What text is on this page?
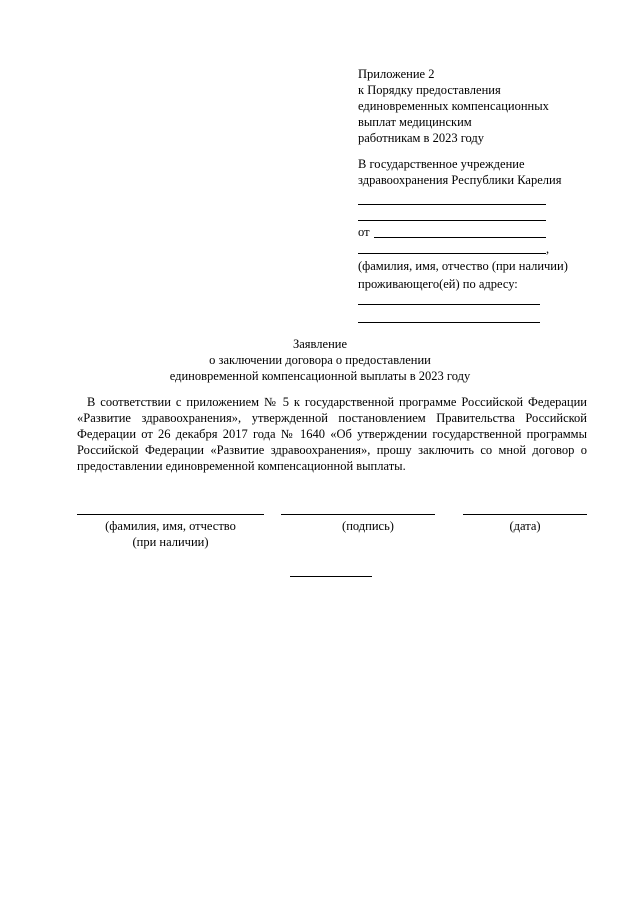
Приложение 2
к Порядку предоставления
единовременных компенсационных
выплат медицинским
работникам в 2023 году
В государственное учреждение
здравоохранения Республики Карелия
от
,
(фамилия, имя, отчество (при наличии)
проживающего(ей) по адресу:
Заявление
о заключении договора о предоставлении
единовременной компенсационной выплаты в 2023 году
В соответствии с приложением № 5 к государственной программе Российской Федерации «Развитие здравоохранения», утвержденной постановлением Правительства Российской Федерации от 26 декабря 2017 года № 1640 «Об утверждении государственной программы Российской Федерации «Развитие здравоохранения», прошу заключить со мной договор о предоставлении единовременной компенсационной выплаты.
(фамилия, имя, отчество
(при наличии)
(подпись)	(дата)
